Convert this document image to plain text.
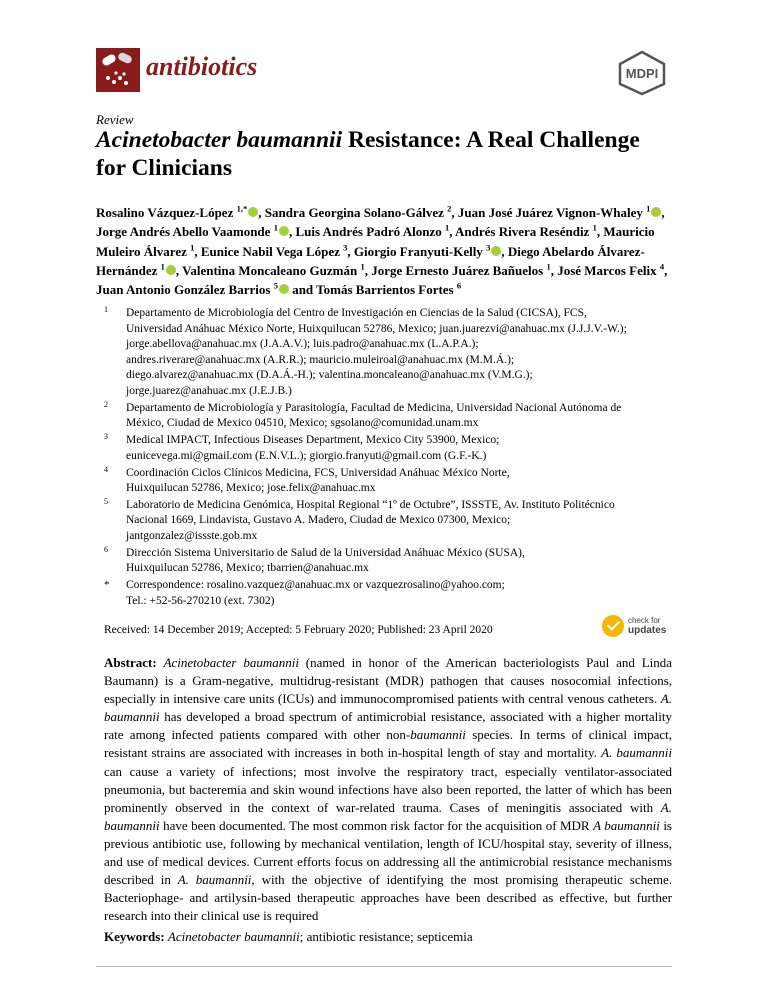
antibiotics	MDPI
Review
Acinetobacter baumannii Resistance: A Real Challenge for Clinicians
Rosalino Vázquez-López $^{1,*}$ , Sandra Georgina Solano-Gálvez $^2$, Juan José Juárez Vignon-Whaley $^1$ , Jorge Andrés Abello Vaamonde $^1$ , Luis Andrés Padró Alonzo $^1$, Andrés Rivera Reséndiz $^1$, Mauricio Muleiro Álvarez $^1$, Eunice Nabil Vega López $^3$, Giorgio Franyuti-Kelly $^3$ , Diego Abelardo Álvarez-Hernández $^1$ , Valentina Moncaleano Guzmán $^1$, Jorge Ernesto Juárez Bañuelos $^1$, José Marcos Felix $^4$, Juan Antonio González Barrios $^5$ and Tomás Barrientos Fortes $^6$
1 Departamento de Microbiología del Centro de Investigación en Ciencias de la Salud (CICSA), FCS,
Universidad Anáhuac México Norte, Huixquilucan 52786, Mexico; juan.juarezvi@anahuac.mx (J.J.J.V.-W.);
jorge.abellova@anahuac.mx (J.A.A.V.); luis.padro@anahuac.mx (L.A.P.A.);
andres.riverare@anahuac.mx (A.R.R.); mauricio.muleiroal@anahuac.mx (M.M.Á.);
diego.alvarez@anahuac.mx (D.A.Á.-H.); valentina.moncaleano@anahuac.mx (V.M.G.);
jorge.juarez@anahuac.mx (J.E.J.B.)
2 Departamento de Microbiología y Parasitología, Facultad de Medicina, Universidad Nacional Autónoma de
México, Ciudad de Mexico 04510, Mexico; sgsolano@comunidad.unam.mx
3 Medical IMPACT, Infectious Diseases Department, Mexico City 53900, Mexico;
eunicevega.mi@gmail.com (E.N.V.L.); giorgio.franyuti@gmail.com (G.F.-K.)
4 Coordinación Ciclos Clínicos Medicina, FCS, Universidad Anáhuac México Norte,
Huixquilucan 52786, Mexico; jose.felix@anahuac.mx
5 Laboratorio de Medicina Genómica, Hospital Regional “1º de Octubre”, ISSSTE, Av. Instituto Politécnico
Nacional 1669, Lindavista, Gustavo A. Madero, Ciudad de Mexico 07300, Mexico;
jantgonzalez@issste.gob.mx
6 Dirección Sistema Universitario de Salud de la Universidad Anáhuac México (SUSA),
Huixquilucan 52786, Mexico; tbarrien@anahuac.mx
* Correspondence: rosalino.vazquez@anahuac.mx or vazquezrosalino@yahoo.com;
Tel.: +52-56-270210 (ext. 7302)
Received: 14 December 2019; Accepted: 5 February 2020; Published: 23 April 2020
check for
updates
Abstract: Acinetobacter baumannii (named in honor of the American bacteriologists Paul and Linda Baumann) is a Gram-negative, multidrug-resistant (MDR) pathogen that causes nosocomial infections, especially in intensive care units (ICUs) and immunocompromised patients with central venous catheters. A. baumannii has developed a broad spectrum of antimicrobial resistance, associated with a higher mortality rate among infected patients compared with other non-baumannii species. In terms of clinical impact, resistant strains are associated with increases in both in-hospital length of stay and mortality. A. baumannii can cause a variety of infections; most involve the respiratory tract, especially ventilator-associated pneumonia, but bacteremia and skin wound infections have also been reported, the latter of which has been prominently observed in the context of war-related trauma. Cases of meningitis associated with A. baumannii have been documented. The most common risk factor for the acquisition of MDR A baumannii is previous antibiotic use, following by mechanical ventilation, length of ICU/hospital stay, severity of illness, and use of medical devices. Current efforts focus on addressing all the antimicrobial resistance mechanisms described in A. baumannii, with the objective of identifying the most promising therapeutic scheme. Bacteriophage- and artilysin-based therapeutic approaches have been described as effective, but further research into their clinical use is required
Keywords: Acinetobacter baumannii; antibiotic resistance; septicemia
